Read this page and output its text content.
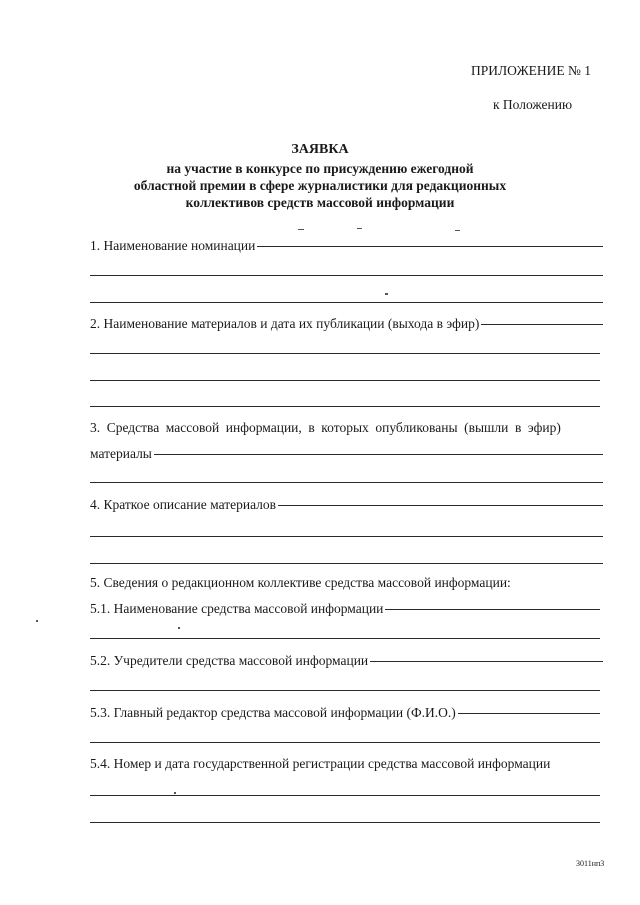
ПРИЛОЖЕНИЕ № 1
к Положению
ЗАЯВКА
на участие в конкурсе по присуждению ежегодной
областной премии в сфере журналистики для редакционных
коллективов средств массовой информации
1. Наименование номинации
2. Наименование материалов и дата их публикации (выхода в эфир)
3. Средства массовой информации, в которых опубликованы (вышли в эфир)
материалы
4. Краткое описание материалов
5. Сведения о редакционном коллективе средства массовой информации:
5.1. Наименование средства массовой информации
5.2. Учредители средства массовой информации
5.3. Главный редактор средства массовой информации (Ф.И.О.)
5.4. Номер и дата государственной регистрации средства массовой информации
3011нп3
